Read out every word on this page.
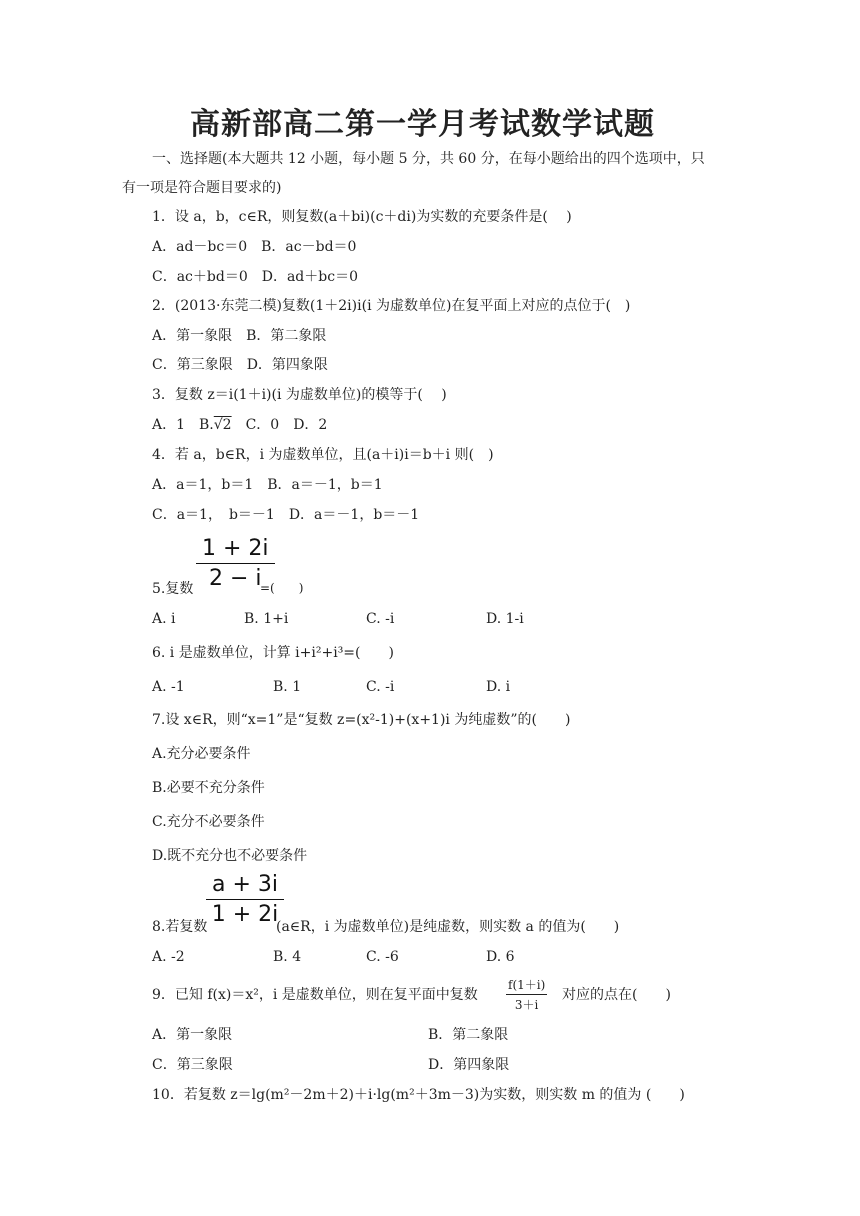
高新部高二第一学月考试数学试题
一、选择题(本大题共 12 小题，每小题 5 分，共 60 分，在每小题给出的四个选项中，只
有一项是符合题目要求的)
1．设 a，b，c∈R，则复数(a＋bi)(c＋di)为实数的充要条件是(　 )
A．ad－bc＝0　B．ac－bd＝0
C．ac＋bd＝0　D．ad＋bc＝0
2．(2013·东莞二模)复数(1＋2i)i(i 为虚数单位)在复平面上对应的点位于(　)
A．第一象限　B．第二象限
C．第三象限　D．第四象限
3．复数 z＝i(1＋i)(i 为虚数单位)的模等于(　 )
A．1　B.√2　C．0　D．2
4．若 a，b∈R，i 为虚数单位，且(a＋i)i＝b＋i 则(　)
A．a＝1，b＝1　B．a＝－1，b＝1
C．a＝1，　b＝－1　D．a＝－1，b＝－1
1 + 2i
2 − i
5.复数	=(　　)
A. i	B. 1+i	C. -i	D. 1-i
6. i 是虚数单位，计算 i+i²+i³=(　　)
A. -1	B. 1	C. -i	D. i
7.设 x∈R，则“x=1”是“复数 z=(x²-1)+(x+1)i 为纯虚数”的(　　)
A.充分必要条件
B.必要不充分条件
C.充分不必要条件
D.既不充分也不必要条件
a + 3i
1 + 2i
8.若复数	(a∈R，i 为虚数单位)是纯虚数，则实数 a 的值为(　　)
A. -2	B. 4	C. -6	D. 6
9．已知 f(x)＝x²，i 是虚数单位，则在复平面中复数
f(1＋i)
3＋i
对应的点在(　　)
A．第一象限	B．第二象限
C．第三象限	D．第四象限
10．若复数 z＝lg(m²－2m＋2)＋i·lg(m²＋3m－3)为实数，则实数 m 的值为 (　　)
